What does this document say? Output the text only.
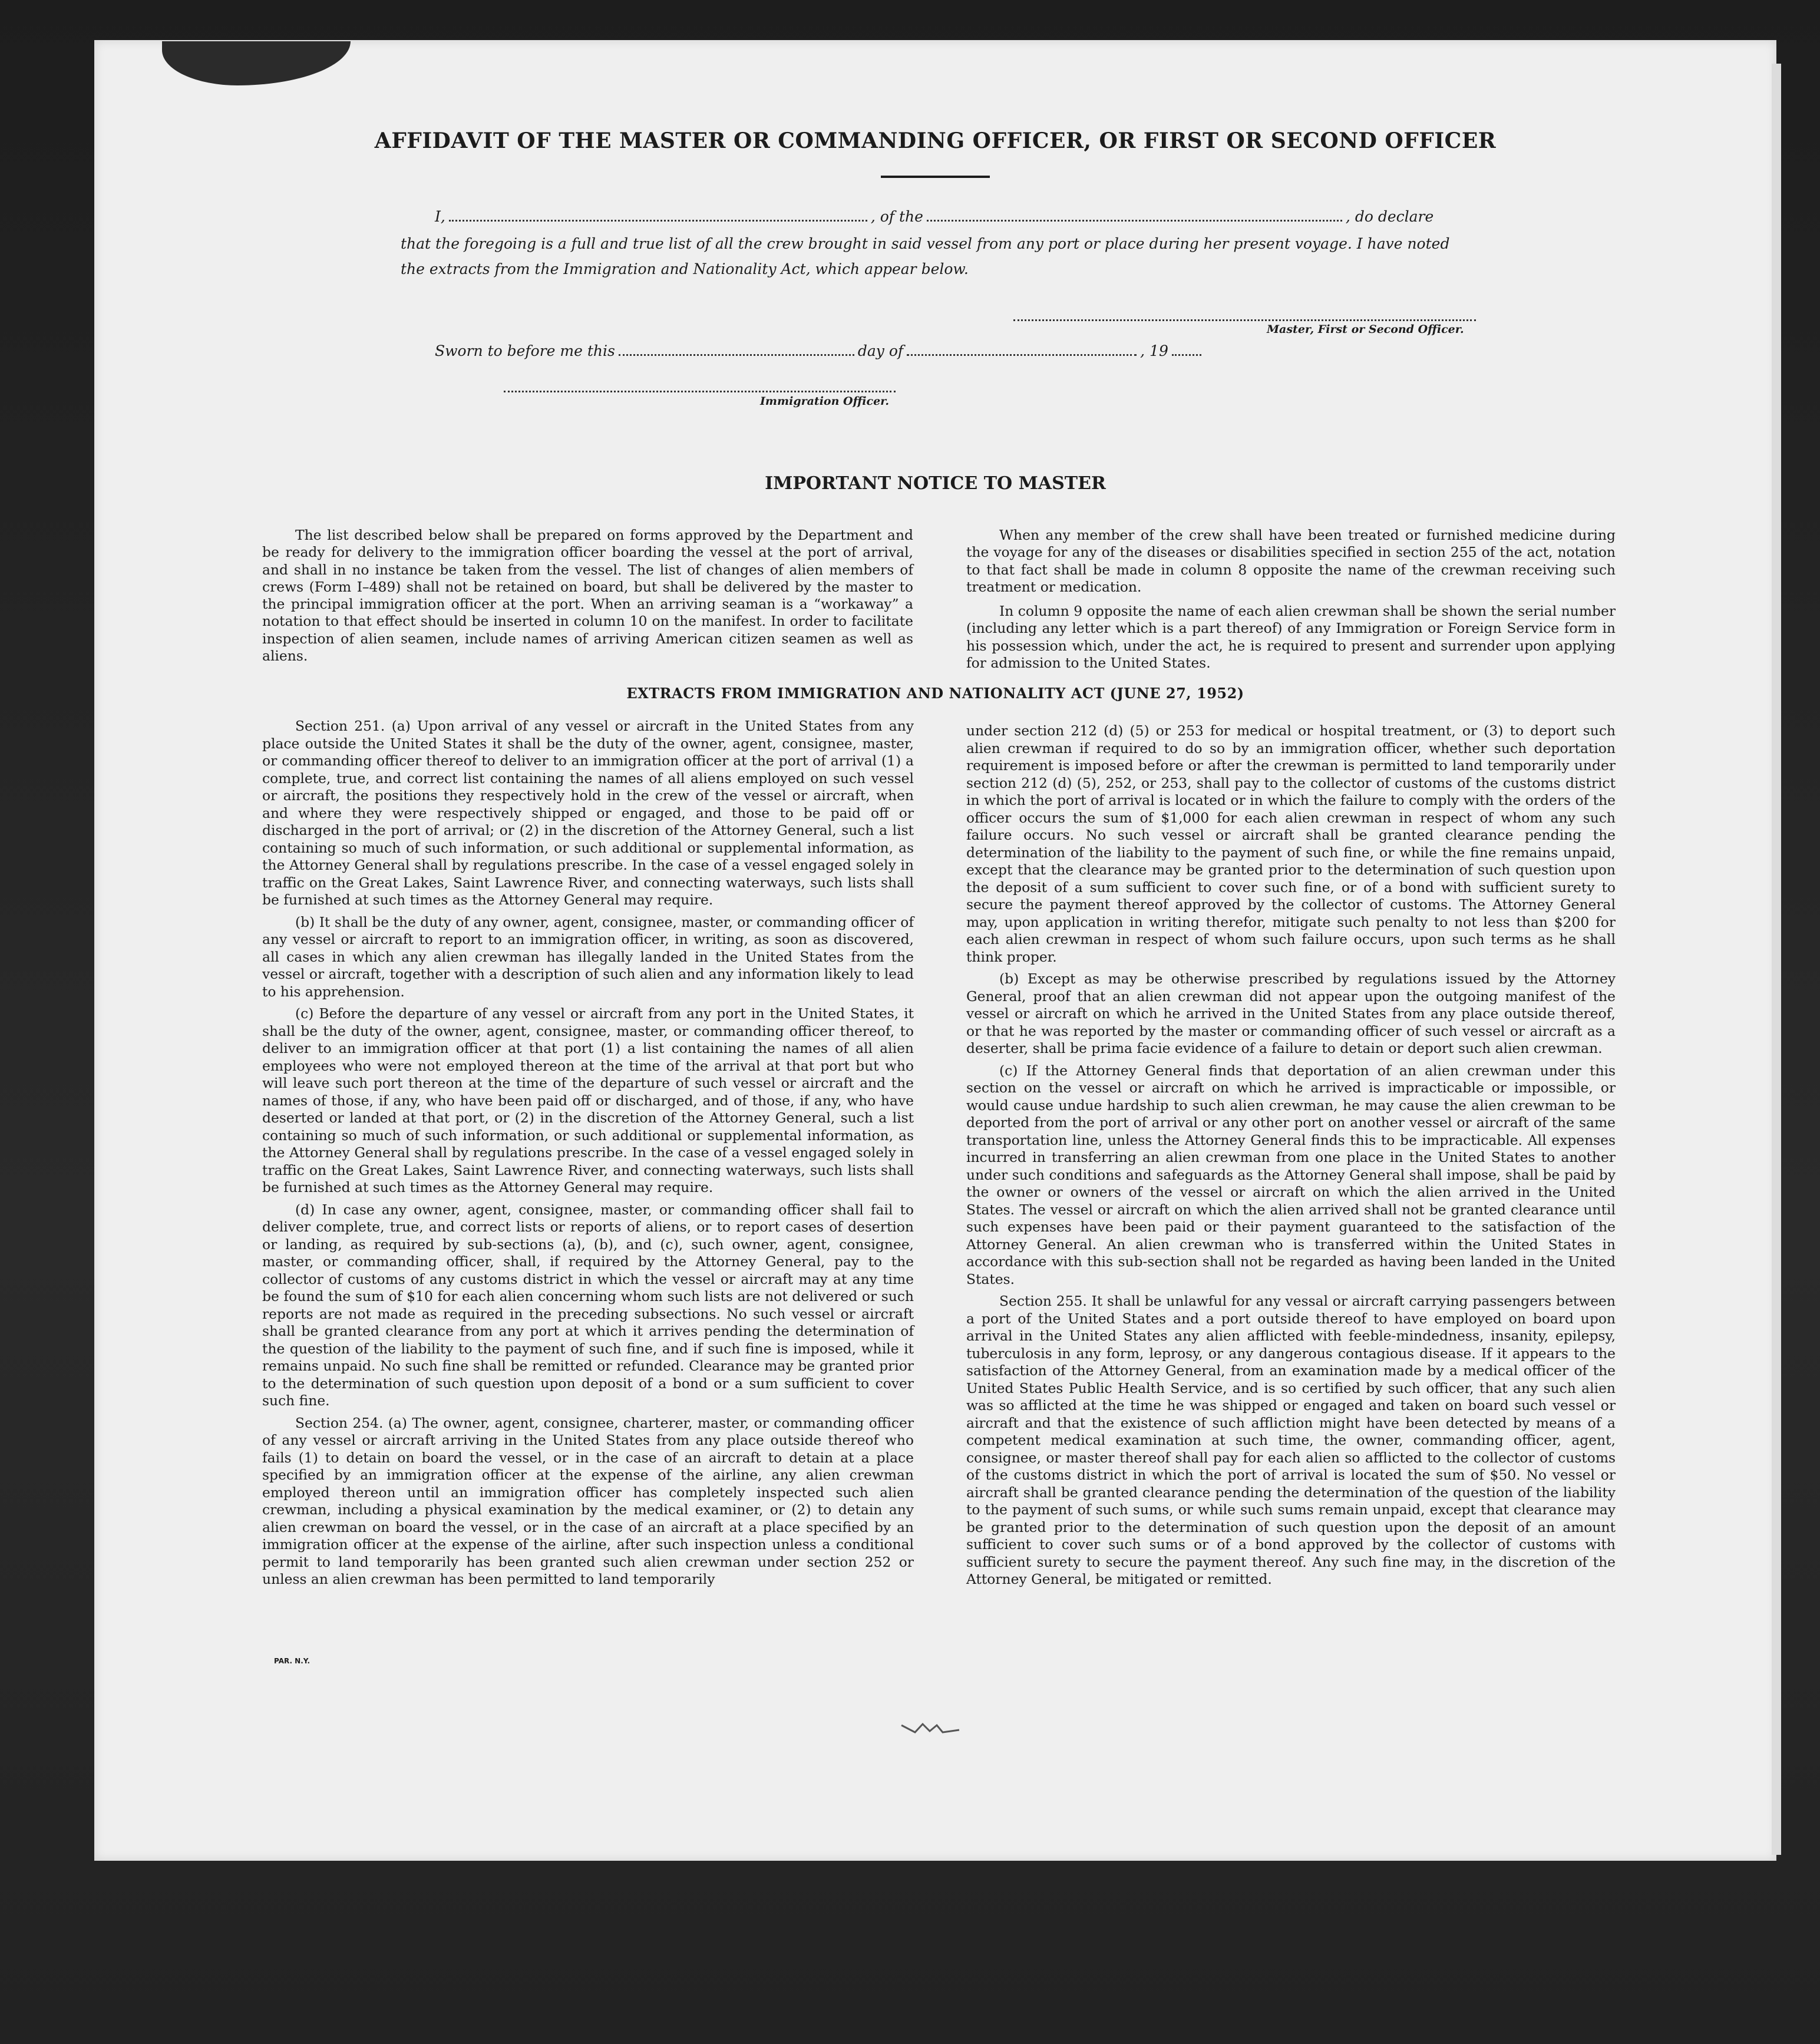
AFFIDAVIT OF THE MASTER OR COMMANDING OFFICER, OR FIRST OR SECOND OFFICER
I,	, of the	, do declare
that the foregoing is a full and true list of all the crew brought in said vessel from any port or place during her present voyage. I have noted
the extracts from the Immigration and Nationality Act, which appear below.
Master, First or Second Officer.
Sworn to before me this	day of	, 19
Immigration Officer.
IMPORTANT NOTICE TO MASTER

The list described below shall be prepared on forms approved by the Department and be ready for delivery to the immigration officer boarding the vessel at the port of arrival, and shall in no instance be taken from the vessel. The list of changes of alien members of crews (Form I–489) shall not be retained on board, but shall be delivered by the master to the principal immigration officer at the port. When an arriving seaman is a “workaway” a notation to that effect should be inserted in column 10 on the manifest. In order to facilitate inspection of alien seamen, include names of arriving American citizen seamen as well as aliens.

When any member of the crew shall have been treated or furnished medicine during the voyage for any of the diseases or disabilities specified in section 255 of the act, notation to that fact shall be made in column 8 opposite the name of the crewman receiving such treatment or medication.

In column 9 opposite the name of each alien crewman shall be shown the serial number (including any letter which is a part thereof) of any Immigration or Foreign Service form in his possession which, under the act, he is required to present and surrender upon applying for admission to the United States.

EXTRACTS FROM IMMIGRATION AND NATIONALITY ACT (JUNE 27, 1952)

Section 251. (a) Upon arrival of any vessel or aircraft in the United States from any place outside the United States it shall be the duty of the owner, agent, consignee, master, or commanding officer thereof to deliver to an immigration officer at the port of arrival (1) a complete, true, and correct list containing the names of all aliens employed on such vessel or aircraft, the positions they respectively hold in the crew of the vessel or aircraft, when and where they were respectively shipped or engaged, and those to be paid off or discharged in the port of arrival; or (2) in the discretion of the Attorney General, such a list containing so much of such information, or such additional or supplemental information, as the Attorney General shall by regulations prescribe. In the case of a vessel engaged solely in traffic on the Great Lakes, Saint Lawrence River, and connecting waterways, such lists shall be furnished at such times as the Attorney General may require.

(b) It shall be the duty of any owner, agent, consignee, master, or commanding officer of any vessel or aircraft to report to an immigration officer, in writing, as soon as discovered, all cases in which any alien crewman has illegally landed in the United States from the vessel or aircraft, together with a description of such alien and any information likely to lead to his apprehension.

(c) Before the departure of any vessel or aircraft from any port in the United States, it shall be the duty of the owner, agent, consignee, master, or commanding officer thereof, to deliver to an immigration officer at that port (1) a list containing the names of all alien employees who were not employed thereon at the time of the arrival at that port but who will leave such port thereon at the time of the departure of such vessel or aircraft and the names of those, if any, who have been paid off or discharged, and of those, if any, who have deserted or landed at that port, or (2) in the discretion of the Attorney General, such a list containing so much of such information, or such additional or supplemental information, as the Attorney General shall by regulations prescribe. In the case of a vessel engaged solely in traffic on the Great Lakes, Saint Lawrence River, and connecting waterways, such lists shall be furnished at such times as the Attorney General may require.

(d) In case any owner, agent, consignee, master, or commanding officer shall fail to deliver complete, true, and correct lists or reports of aliens, or to report cases of desertion or landing, as required by sub-sections (a), (b), and (c), such owner, agent, consignee, master, or commanding officer, shall, if required by the Attorney General, pay to the collector of customs of any customs district in which the vessel or aircraft may at any time be found the sum of $10 for each alien concerning whom such lists are not delivered or such reports are not made as required in the preceding subsections. No such vessel or aircraft shall be granted clearance from any port at which it arrives pending the determination of the question of the liability to the payment of such fine, and if such fine is imposed, while it remains unpaid. No such fine shall be remitted or refunded. Clearance may be granted prior to the determination of such question upon deposit of a bond or a sum sufficient to cover such fine.

Section 254. (a) The owner, agent, consignee, charterer, master, or commanding officer of any vessel or aircraft arriving in the United States from any place outside thereof who fails (1) to detain on board the vessel, or in the case of an aircraft to detain at a place specified by an immigration officer at the expense of the airline, any alien crewman employed thereon until an immigration officer has completely inspected such alien crewman, including a physical examination by the medical examiner, or (2) to detain any alien crewman on board the vessel, or in the case of an aircraft at a place specified by an immigration officer at the expense of the airline, after such inspection unless a conditional permit to land temporarily has been granted such alien crewman under section 252 or unless an alien crewman has been permitted to land temporarily

under section 212 (d) (5) or 253 for medical or hospital treatment, or (3) to deport such alien crewman if required to do so by an immigration officer, whether such deportation requirement is imposed before or after the crewman is permitted to land temporarily under section 212 (d) (5), 252, or 253, shall pay to the collector of customs of the customs district in which the port of arrival is located or in which the failure to comply with the orders of the officer occurs the sum of $1,000 for each alien crewman in respect of whom any such failure occurs. No such vessel or aircraft shall be granted clearance pending the determination of the liability to the payment of such fine, or while the fine remains unpaid, except that the clearance may be granted prior to the determination of such question upon the deposit of a sum sufficient to cover such fine, or of a bond with sufficient surety to secure the payment thereof approved by the collector of customs. The Attorney General may, upon application in writing therefor, mitigate such penalty to not less than $200 for each alien crewman in respect of whom such failure occurs, upon such terms as he shall think proper.

(b) Except as may be otherwise prescribed by regulations issued by the Attorney General, proof that an alien crewman did not appear upon the outgoing manifest of the vessel or aircraft on which he arrived in the United States from any place outside thereof, or that he was reported by the master or commanding officer of such vessel or aircraft as a deserter, shall be prima facie evidence of a failure to detain or deport such alien crewman.

(c) If the Attorney General finds that deportation of an alien crewman under this section on the vessel or aircraft on which he arrived is impracticable or impossible, or would cause undue hardship to such alien crewman, he may cause the alien crewman to be deported from the port of arrival or any other port on another vessel or aircraft of the same transportation line, unless the Attorney General finds this to be impracticable. All expenses incurred in transferring an alien crewman from one place in the United States to another under such conditions and safeguards as the Attorney General shall impose, shall be paid by the owner or owners of the vessel or aircraft on which the alien arrived in the United States. The vessel or aircraft on which the alien arrived shall not be granted clearance until such expenses have been paid or their payment guaranteed to the satisfaction of the Attorney General. An alien crewman who is transferred within the United States in accordance with this sub-section shall not be regarded as having been landed in the United States.

Section 255. It shall be unlawful for any vessal or aircraft carrying passengers between a port of the United States and a port outside thereof to have employed on board upon arrival in the United States any alien afflicted with feeble-mindedness, insanity, epilepsy, tuberculosis in any form, leprosy, or any dangerous contagious disease. If it appears to the satisfaction of the Attorney General, from an examination made by a medical officer of the United States Public Health Service, and is so certified by such officer, that any such alien was so afflicted at the time he was shipped or engaged and taken on board such vessel or aircraft and that the existence of such affliction might have been detected by means of a competent medical examination at such time, the owner, commanding officer, agent, consignee, or master thereof shall pay for each alien so afflicted to the collector of customs of the customs district in which the port of arrival is located the sum of $50. No vessel or aircraft shall be granted clearance pending the determination of the question of the liability to the payment of such sums, or while such sums remain unpaid, except that clearance may be granted prior to the determination of such question upon the deposit of an amount sufficient to cover such sums or of a bond approved by the collector of customs with sufficient surety to secure the payment thereof. Any such fine may, in the discretion of the Attorney General, be mitigated or remitted.

PAR. N.Y.
